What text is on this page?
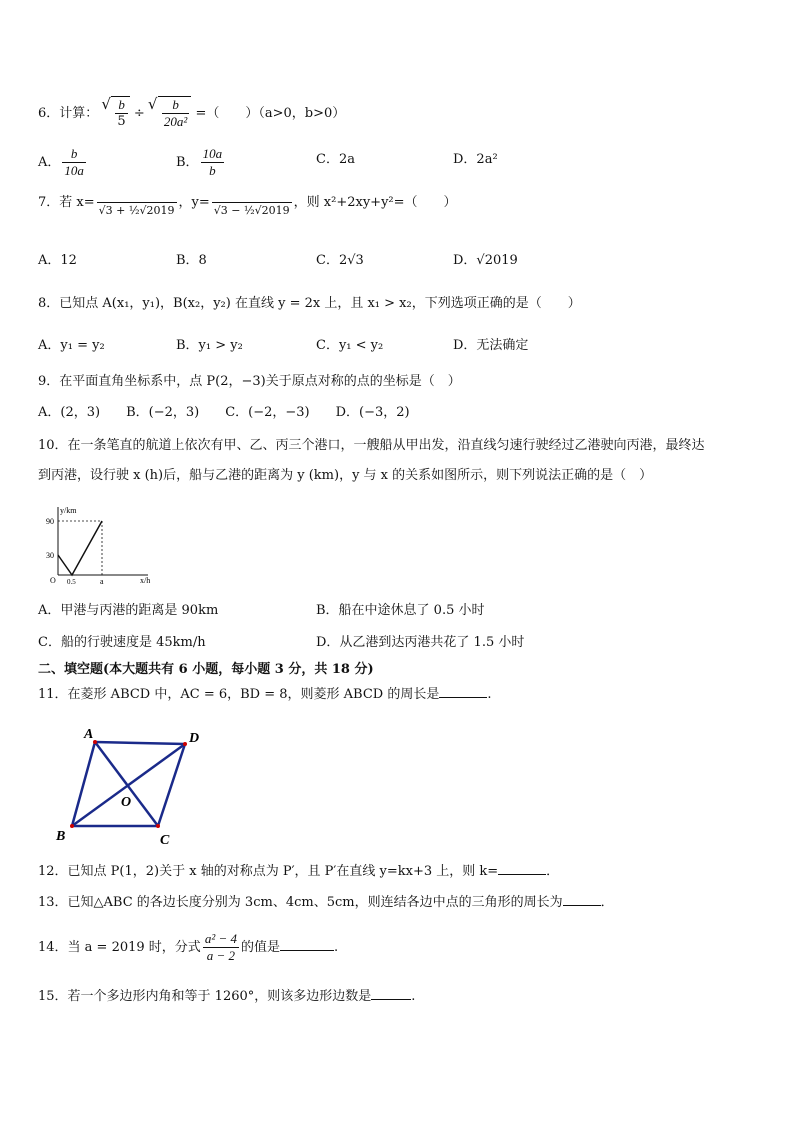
6．计算： √ $\frac{b}{5}$ ÷ √ $\frac{b}{\text{20a²}}$ =（　　）（a>0，b>0）
A． $\frac{b}{10a}$	B． $\frac{10a}{b}$	C．2a	D．2a²
7．若 x=

√3 + ½√2019
，y=

√3 − ½√2019
，则 x²+2xy+y²=（　　）
A．12	B．8	C．2√3	D．√2019
8．已知点 A(x₁，y₁)，B(x₂，y₂) 在直线 y = 2x 上，且 x₁ > x₂，下列选项正确的是（　　）
A．y₁ = y₂	B．y₁ > y₂	C．y₁ < y₂	D．无法确定
9．在平面直角坐标系中，点 P(2，−3)关于原点对称的点的坐标是（　）
A．(2，3)　　B．(−2，3)　　C．(−2，−3)　　D．(−3，2)
10．在一条笔直的航道上依次有甲、乙、丙三个港口，一艘船从甲出发，沿直线匀速行驶经过乙港驶向丙港，最终达
到丙港，设行驶 x (h)后，船与乙港的距离为 y (km)，y 与 x 的关系如图所示，则下列说法正确的是（　）
y/km
x/h
90
30
O 0.5	a
A．甲港与丙港的距离是 90km	B．船在中途休息了 0.5 小时
C．船的行驶速度是 45km/h	D．从乙港到达丙港共花了 1.5 小时
二、填空题(本大题共有 6 小题，每小题 3 分，共 18 分)
11．在菱形 ABCD 中，AC = 6，BD = 8，则菱形 ABCD 的周长是	.
A	D
C
B
O
12．已知点 P(1，2)关于 x 轴的对称点为 P′，且 P′在直线 y=kx+3 上，则 k=	．
13．已知△ABC 的各边长度分别为 3cm、4cm、5cm，则连结各边中点的三角形的周长为	．
14．当 a = 2019 时，分式 $\frac{\text{a² − 4}}{a - 2}$ 的值是	.
15．若一个多边形内角和等于 1260°，则该多边形边数是	.
